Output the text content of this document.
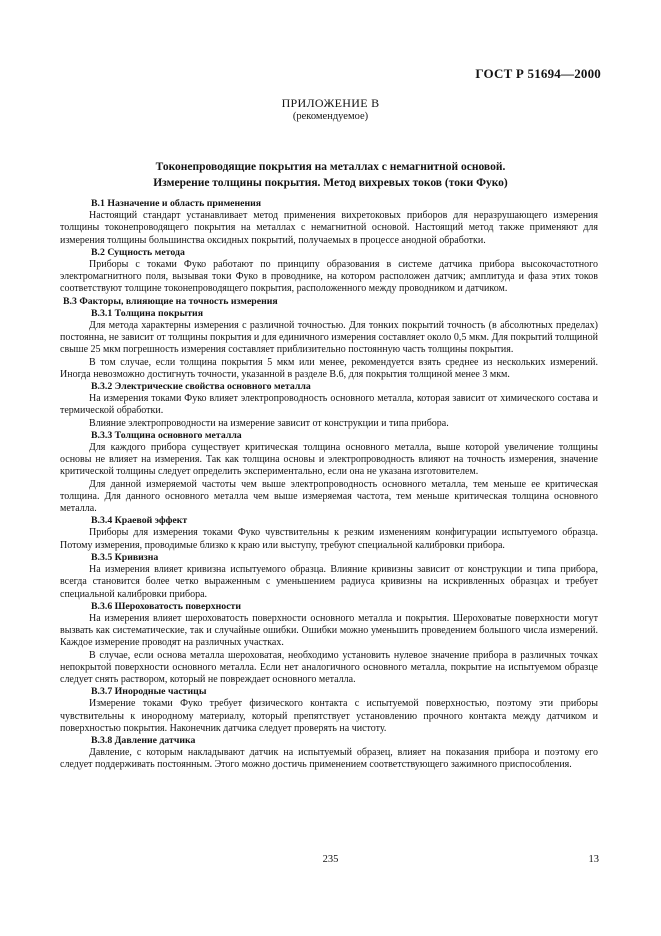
ГОСТ Р 51694—2000
ПРИЛОЖЕНИЕ В
(рекомендуемое)
Токонепроводящие покрытия на металлах с немагнитной основой.
Измерение толщины покрытия. Метод вихревых токов (токи Фуко)

В.1 Назначение и область применения

Настоящий стандарт устанавливает метод применения вихретоковых приборов для неразрушающего измерения толщины токонепроводящего покрытия на металлах с немагнитной основой. Настоящий метод также применяют для измерения толщины большинства оксидных покрытий, получаемых в процессе анодной обработки.

В.2 Сущность метода

Приборы с токами Фуко работают по принципу образования в системе датчика прибора высокочастотного электромагнитного поля, вызывая токи Фуко в проводнике, на котором расположен датчик; амплитуда и фаза этих токов соответствуют толщине токонепроводящего покрытия, расположенного между проводником и датчиком.

В.3 Факторы, влияющие на точность измерения

В.3.1 Толщина покрытия

Для метода характерны измерения с различной точностью. Для тонких покрытий точность (в абсолютных пределах) постоянна, не зависит от толщины покрытия и для единичного измерения составляет около 0,5 мкм. Для покрытий толщиной свыше 25 мкм погрешность измерения составляет приблизительно постоянную часть толщины покрытия.

В том случае, если толщина покрытия 5 мкм или менее, рекомендуется взять среднее из нескольких измерений. Иногда невозможно достигнуть точности, указанной в разделе В.6, для покрытия толщиной менее 3 мкм.

В.3.2 Электрические свойства основного металла

На измерения токами Фуко влияет электропроводность основного металла, которая зависит от химического состава и термической обработки.

Влияние электропроводности на измерение зависит от конструкции и типа прибора.

В.3.3 Толщина основного металла

Для каждого прибора существует критическая толщина основного металла, выше которой увеличение толщины основы не влияет на измерения. Так как толщина основы и электропроводность влияют на точность измерения, значение критической толщины следует определить экспериментально, если она не указана изготовителем.

Для данной измеряемой частоты чем выше электропроводность основного металла, тем меньше ее критическая толщина. Для данного основного металла чем выше измеряемая частота, тем меньше критическая толщина основного металла.

В.3.4 Краевой эффект

Приборы для измерения токами Фуко чувствительны к резким изменениям конфигурации испытуемого образца. Потому измерения, проводимые близко к краю или выступу, требуют специальной калибровки прибора.

В.3.5 Кривизна

На измерения влияет кривизна испытуемого образца. Влияние кривизны зависит от конструкции и типа прибора, всегда становится более четко выраженным с уменьшением радиуса кривизны на искривленных образцах и требует специальной калибровки прибора.

В.3.6 Шероховатость поверхности

На измерения влияет шероховатость поверхности основного металла и покрытия. Шероховатые поверхности могут вызвать как систематические, так и случайные ошибки. Ошибки можно уменьшить проведением большого числа измерений. Каждое измерение проводят на различных участках.

В случае, если основа металла шероховатая, необходимо установить нулевое значение прибора в различных точках непокрытой поверхности основного металла. Если нет аналогичного основного металла, покрытие на испытуемом образце следует снять раствором, который не повреждает основного металла.

В.3.7 Инородные частицы

Измерение токами Фуко требует физического контакта с испытуемой поверхностью, поэтому эти приборы чувствительны к инородному материалу, который препятствует установлению прочного контакта между датчиком и поверхностью покрытия. Наконечник датчика следует проверять на чистоту.

В.3.8 Давление датчика

Давление, с которым накладывают датчик на испытуемый образец, влияет на показания прибора и поэтому его следует поддерживать постоянным. Этого можно достичь применением соответствующего зажимного приспособления.

235	13
